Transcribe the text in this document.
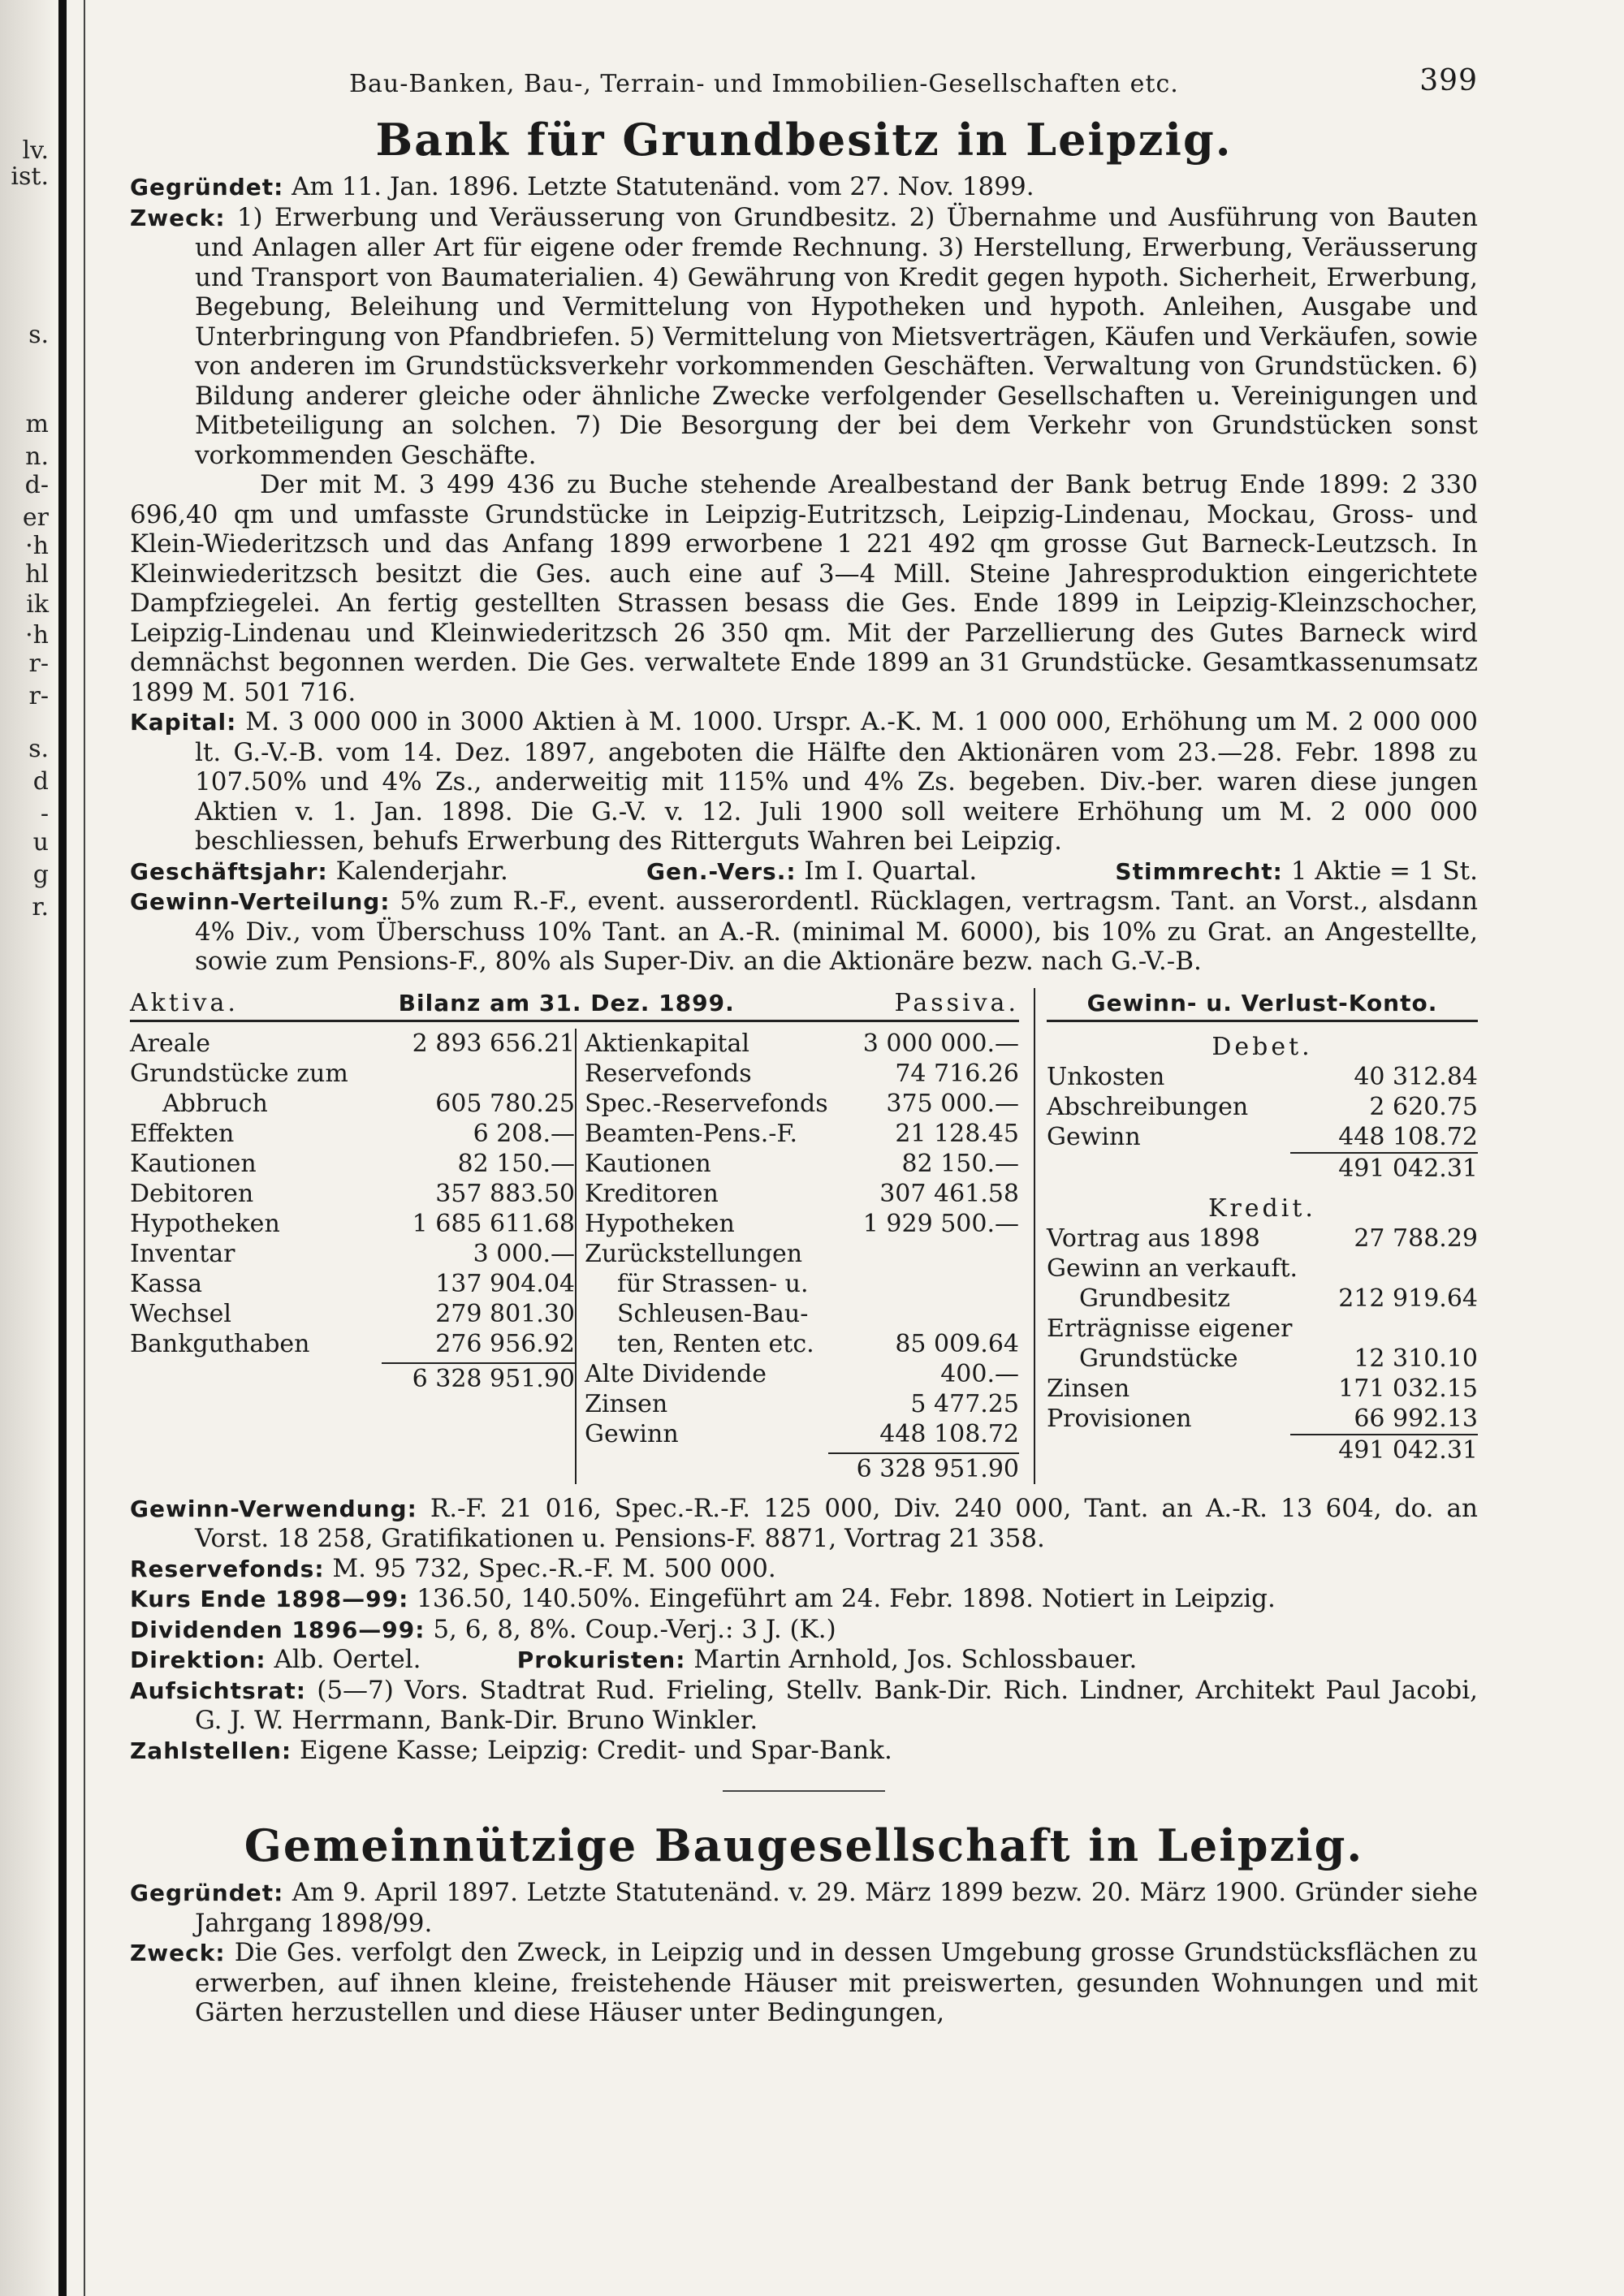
lv.
ist.
s.
m
n.
d-
er
·h
hl
ik
·h
r-
r-
s.
d
-
u
g
r.
Bau-Banken, Bau-, Terrain- und Immobilien-Gesellschaften etc.	399
Bank für Grundbesitz in Leipzig.

Gegründet: Am 11. Jan. 1896. Letzte Statutenänd. vom 27. Nov. 1899.

Zweck: 1) Erwerbung und Veräusserung von Grundbesitz. 2) Übernahme und Ausführung von Bauten und Anlagen aller Art für eigene oder fremde Rechnung. 3) Herstellung, Erwerbung, Veräusserung und Transport von Baumaterialien. 4) Gewährung von Kredit gegen hypoth. Sicherheit, Erwerbung, Begebung, Beleihung und Vermittelung von Hypotheken und hypoth. Anleihen, Ausgabe und Unterbringung von Pfandbriefen. 5) Vermittelung von Mietsverträgen, Käufen und Verkäufen, sowie von anderen im Grundstücksverkehr vorkommenden Geschäften. Verwaltung von Grundstücken. 6) Bildung anderer gleiche oder ähnliche Zwecke verfolgender Gesellschaften u. Vereinigungen und Mitbeteiligung an solchen. 7) Die Besorgung der bei dem Verkehr von Grundstücken sonst vorkommenden Geschäfte.

Der mit M. 3 499 436 zu Buche stehende Arealbestand der Bank betrug Ende 1899: 2 330 696,40 qm und umfasste Grundstücke in Leipzig-Eutritzsch, Leipzig-Lindenau, Mockau, Gross- und Klein-Wiederitzsch und das Anfang 1899 erworbene 1 221 492 qm grosse Gut Barneck-Leutzsch. In Kleinwiederitzsch besitzt die Ges. auch eine auf 3—4 Mill. Steine Jahresproduktion eingerichtete Dampfziegelei. An fertig gestellten Strassen besass die Ges. Ende 1899 in Leipzig-Kleinzschocher, Leipzig-Lindenau und Kleinwiederitzsch 26 350 qm. Mit der Parzellierung des Gutes Barneck wird demnächst begonnen werden. Die Ges. verwaltete Ende 1899 an 31 Grundstücke. Gesamtkassenumsatz 1899 M. 501 716.

Kapital: M. 3 000 000 in 3000 Aktien à M. 1000. Urspr. A.-K. M. 1 000 000, Erhöhung um M. 2 000 000 lt. G.-V.-B. vom 14. Dez. 1897, angeboten die Hälfte den Aktionären vom 23.—28. Febr. 1898 zu 107.50% und 4% Zs., anderweitig mit 115% und 4% Zs. begeben. Div.-ber. waren diese jungen Aktien v. 1. Jan. 1898. Die G.-V. v. 12. Juli 1900 soll weitere Erhöhung um M. 2 000 000 beschliessen, behufs Erwerbung des Ritterguts Wahren bei Leipzig.

Geschäftsjahr: Kalenderjahr.	Gen.-Vers.: Im I. Quartal.	Stimmrecht: 1 Aktie = 1 St.

Gewinn-Verteilung: 5% zum R.-F., event. ausserordentl. Rücklagen, vertragsm. Tant. an Vorst., alsdann 4% Div., vom Überschuss 10% Tant. an A.-R. (minimal M. 6000), bis 10% zu Grat. an Angestellte, sowie zum Pensions-F., 80% als Super-Div. an die Aktionäre bezw. nach G.-V.-B.

Aktiva.	Bilanz am 31. Dez. 1899.	Passiva.
Areale	2 893 656.21
Grundstücke zum
Abbruch	605 780.25
Effekten	6 208.—
Kautionen	82 150.—
Debitoren	357 883.50
Hypotheken	1 685 611.68
Inventar	3 000.—
Kassa	137 904.04
Wechsel	279 801.30
Bankguthaben	276 956.92
6 328 951.90
Aktienkapital	3 000 000.—
Reservefonds	74 716.26
Spec.-Reservefonds 375 000.—
Beamten-Pens.-F.	21 128.45
Kautionen	82 150.—
Kreditoren	307 461.58
Hypotheken	1 929 500.—
Zurückstellungen
für Strassen- u.
Schleusen-Bau-
ten, Renten etc.	85 009.64
Alte Dividende	400.—
Zinsen	5 477.25
Gewinn	448 108.72
6 328 951.90
Gewinn- u. Verlust-Konto.
Debet.
Unkosten	40 312.84
Abschreibungen	2 620.75
Gewinn	448 108.72
491 042.31
Kredit.
Vortrag aus 1898	27 788.29
Gewinn an verkauft.
Grundbesitz	212 919.64
Erträgnisse eigener
Grundstücke	12 310.10
Zinsen	171 032.15
Provisionen	66 992.13
491 042.31

Gewinn-Verwendung: R.-F. 21 016, Spec.-R.-F. 125 000, Div. 240 000, Tant. an A.-R. 13 604, do. an Vorst. 18 258, Gratifikationen u. Pensions-F. 8871, Vortrag 21 358.

Reservefonds: M. 95 732, Spec.-R.-F. M. 500 000.

Kurs Ende 1898—99: 136.50, 140.50%. Eingeführt am 24. Febr. 1898. Notiert in Leipzig.

Dividenden 1896—99: 5, 6, 8, 8%. Coup.-Verj.: 3 J. (K.)

Direktion: Alb. Oertel.	Prokuristen: Martin Arnhold, Jos. Schlossbauer.

Aufsichtsrat: (5—7) Vors. Stadtrat Rud. Frieling, Stellv. Bank-Dir. Rich. Lindner, Architekt Paul Jacobi, G. J. W. Herrmann, Bank-Dir. Bruno Winkler.

Zahlstellen: Eigene Kasse; Leipzig: Credit- und Spar-Bank.

Gemeinnützige Baugesellschaft in Leipzig.

Gegründet: Am 9. April 1897. Letzte Statutenänd. v. 29. März 1899 bezw. 20. März 1900. Gründer siehe Jahrgang 1898/99.

Zweck: Die Ges. verfolgt den Zweck, in Leipzig und in dessen Umgebung grosse Grundstücksflächen zu erwerben, auf ihnen kleine, freistehende Häuser mit preiswerten, gesunden Wohnungen und mit Gärten herzustellen und diese Häuser unter Bedingungen,
